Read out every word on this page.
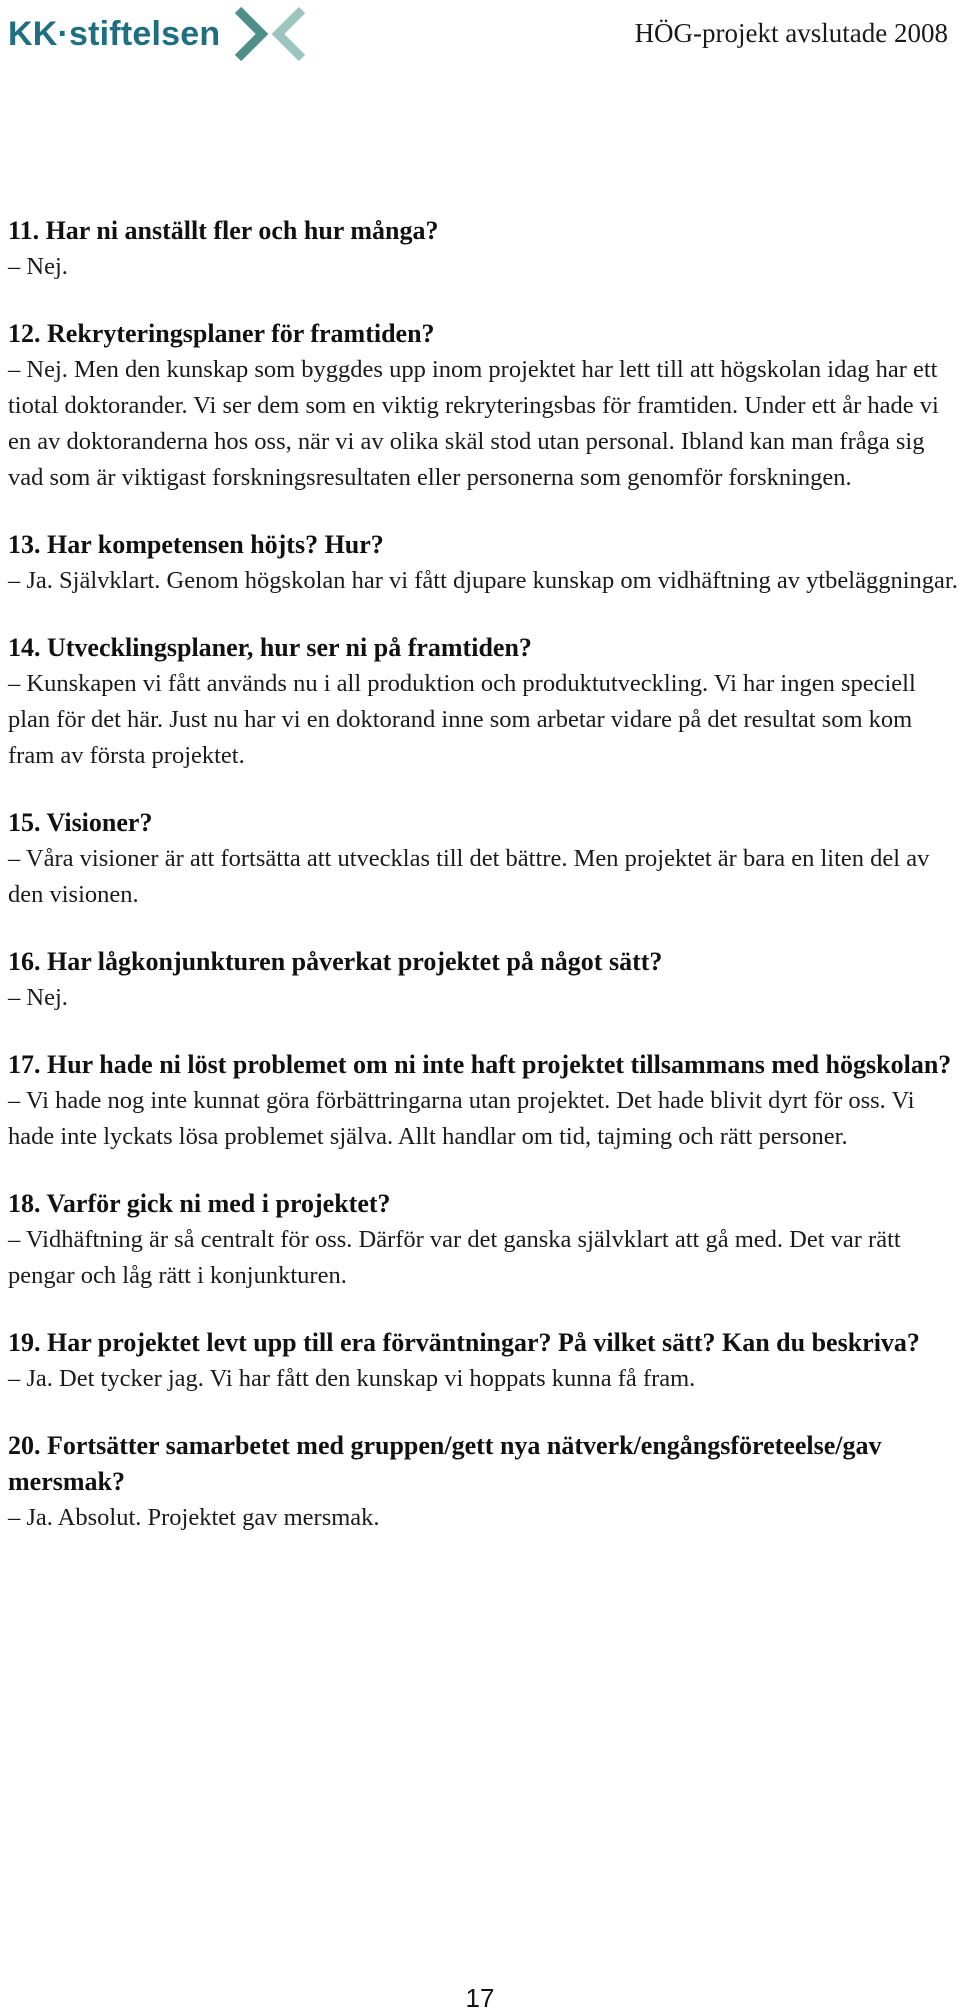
KK·stiftelsen	HÖG-projekt avslutade 2008

11. Har ni anställt fler och hur många?

– Nej.

12. Rekryteringsplaner för framtiden?

– Nej. Men den kunskap som byggdes upp inom projektet har lett till att högskolan idag har ett tiotal doktorander. Vi ser dem som en viktig rekryteringsbas för framtiden. Under ett år hade vi en av doktoranderna hos oss, när vi av olika skäl stod utan personal. Ibland kan man fråga sig vad som är viktigast forskningsresultaten eller personerna som genomför forskningen.

13. Har kompetensen höjts? Hur?

– Ja. Självklart. Genom högskolan har vi fått djupare kunskap om vidhäftning av ytbeläggningar.

14. Utvecklingsplaner, hur ser ni på framtiden?

– Kunskapen vi fått används nu i all produktion och produktutveckling. Vi har ingen speciell plan för det här. Just nu har vi en doktorand inne som arbetar vidare på det resultat som kom fram av första projektet.

15. Visioner?

– Våra visioner är att fortsätta att utvecklas till det bättre. Men projektet är bara en liten del av den visionen.

16. Har lågkonjunkturen påverkat projektet på något sätt?

– Nej.

17. Hur hade ni löst problemet om ni inte haft projektet tillsammans med högskolan?

– Vi hade nog inte kunnat göra förbättringarna utan projektet. Det hade blivit dyrt för oss. Vi hade inte lyckats lösa problemet själva. Allt handlar om tid, tajming och rätt personer.

18. Varför gick ni med i projektet?

– Vidhäftning är så centralt för oss. Därför var det ganska självklart att gå med. Det var rätt pengar och låg rätt i konjunkturen.

19. Har projektet levt upp till era förväntningar? På vilket sätt? Kan du beskriva?

– Ja. Det tycker jag. Vi har fått den kunskap vi hoppats kunna få fram.

20. Fortsätter samarbetet med gruppen/gett nya nätverk/engångsföreteelse/gav mersmak?

– Ja. Absolut. Projektet gav mersmak.

17
